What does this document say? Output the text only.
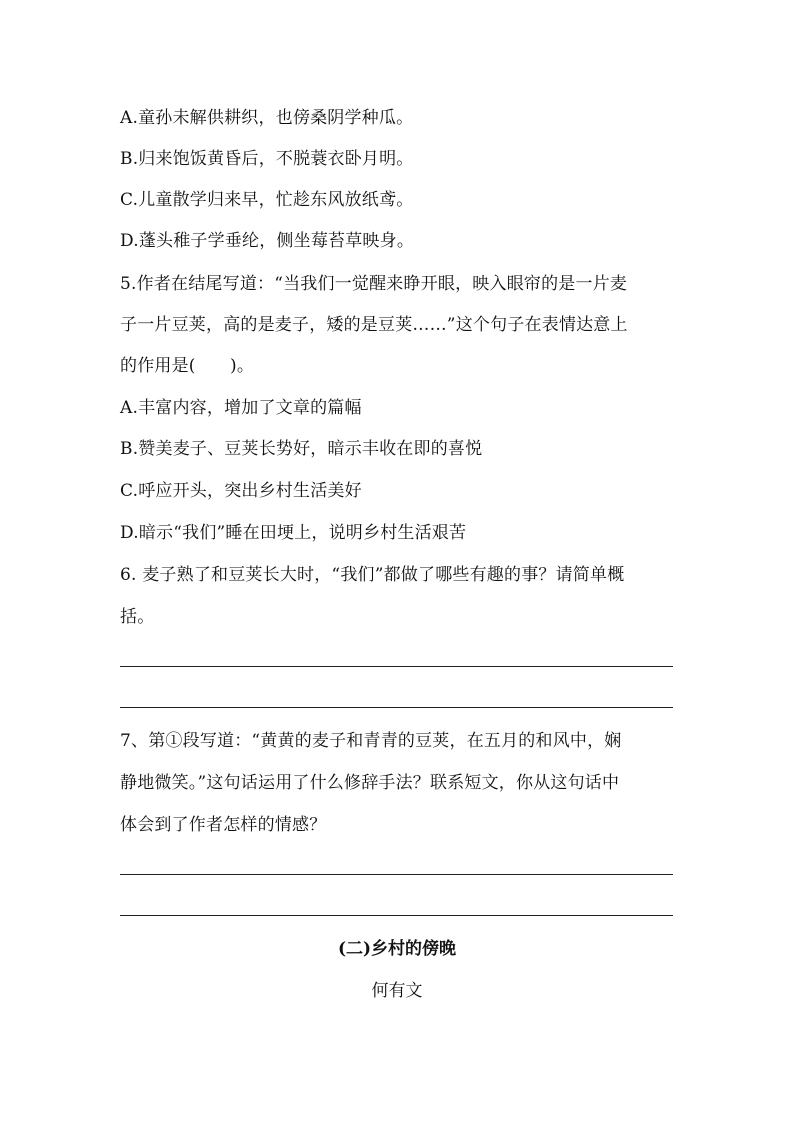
A.童孙未解供耕织，也傍桑阴学种瓜。
B.归来饱饭黄昏后，不脱蓑衣卧月明。
C.儿童散学归来早，忙趁东风放纸鸢。
D.蓬头稚子学垂纶，侧坐莓苔草映身。
5.作者在结尾写道：“当我们一觉醒来睁开眼，映入眼帘的是一片麦
子一片豆荚，高的是麦子，矮的是豆荚……”这个句子在表情达意上
的作用是(　　)。
A.丰富内容，增加了文章的篇幅
B.赞美麦子、豆荚长势好，暗示丰收在即的喜悦
C.呼应开头，突出乡村生活美好
D.暗示“我们”睡在田埂上，说明乡村生活艰苦
6. 麦子熟了和豆荚长大时，“我们”都做了哪些有趣的事？请简单概
括。
7、第①段写道：“黄黄的麦子和青青的豆荚，在五月的和风中，娴
静地微笑。”这句话运用了什么修辞手法？联系短文，你从这句话中
体会到了作者怎样的情感？
(二)乡村的傍晚
何有文
